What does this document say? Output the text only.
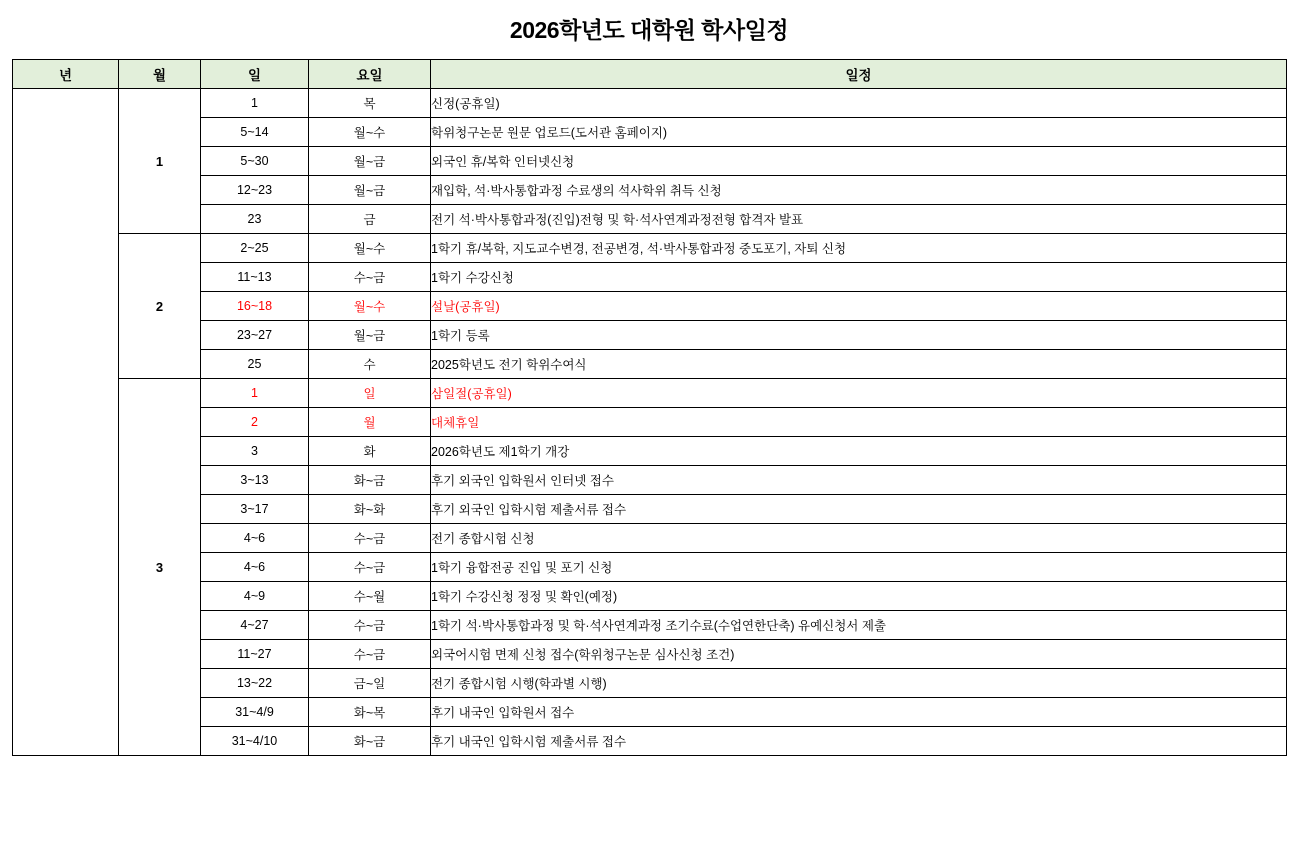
2026학년도 대학원 학사일정
년	월	일	요일	일정
	1	1	목	신정(공휴일)
		5~14	월~수	학위청구논문 원문 업로드(도서관 홈페이지)
		5~30	월~금	외국인 휴/복학 인터넷신청
		12~23	월~금	재입학, 석·박사통합과정 수료생의 석사학위 취득 신청
		23	금	전기 석·박사통합과정(진입)전형 및 학·석사연계과정전형 합격자 발표
	2	2~25	월~수	1학기 휴/복학, 지도교수변경, 전공변경, 석·박사통합과정 중도포기, 자퇴 신청
		11~13	수~금	1학기 수강신청
		16~18	월~수	설날(공휴일)
		23~27	월~금	1학기 등록
		25	수	2025학년도 전기 학위수여식
	3	1	일	삼일절(공휴일)
		2	월	대체휴일
		3	화	2026학년도 제1학기 개강
		3~13	화~금	후기 외국인 입학원서 인터넷 접수
		3~17	화~화	후기 외국인 입학시험 제출서류 접수
		4~6	수~금	전기 종합시험 신청
		4~6	수~금	1학기 융합전공 진입 및 포기 신청
		4~9	수~월	1학기 수강신청 정정 및 확인(예정)
		4~27	수~금	1학기 석·박사통합과정 및 학·석사연계과정 조기수료(수업연한단축) 유예신청서 제출
		11~27	수~금	외국어시험 면제 신청 접수(학위청구논문 심사신청 조건)
		13~22	금~일	전기 종합시험 시행(학과별 시행)
		31~4/9	화~목	후기 내국인 입학원서 접수
		31~4/10	화~금	후기 내국인 입학시험 제출서류 접수
